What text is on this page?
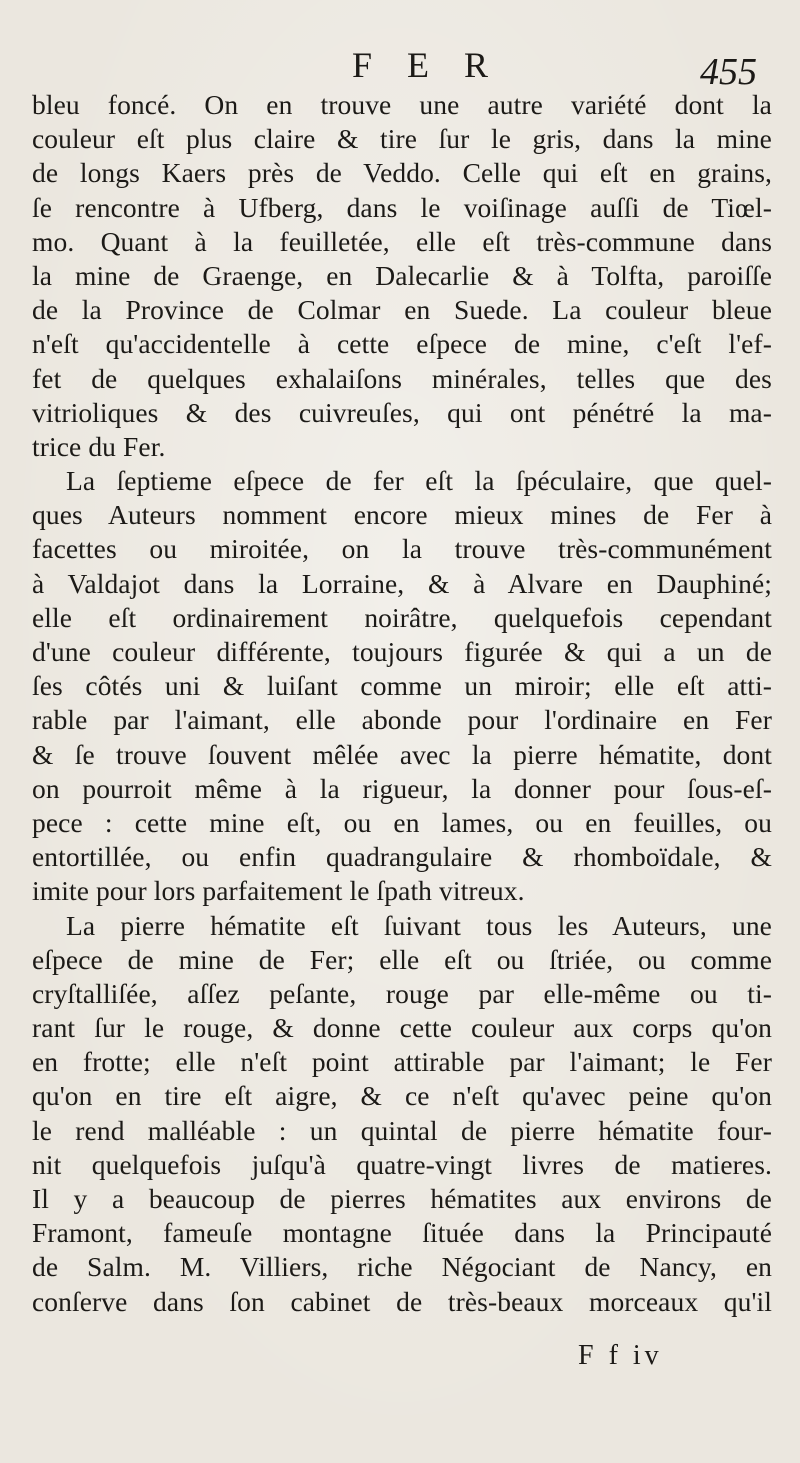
F E R	455
bleu foncé. On en trouve une autre variété dont la
couleur eſt plus claire & tire ſur le gris, dans la mine
de longs Kaers près de Veddo. Celle qui eſt en grains,
ſe rencontre à Ufberg, dans le voiſinage auſſi de Tiœl-
mo. Quant à la feuilletée, elle eſt très-commune dans
la mine de Graenge, en Dalecarlie & à Tolfta, paroiſſe
de la Province de Colmar en Suede. La couleur bleue
n'eſt qu'accidentelle à cette eſpece de mine, c'eſt l'ef-
fet de quelques exhalaiſons minérales, telles que des
vitrioliques & des cuivreuſes, qui ont pénétré la ma-
trice du Fer.
La ſeptieme eſpece de fer eſt la ſpéculaire, que quel-
ques Auteurs nomment encore mieux mines de Fer à
facettes ou miroitée, on la trouve très-communément
à Valdajot dans la Lorraine, & à Alvare en Dauphiné;
elle eſt ordinairement noirâtre, quelquefois cependant
d'une couleur différente, toujours figurée & qui a un de
ſes côtés uni & luiſant comme un miroir; elle eſt atti-
rable par l'aimant, elle abonde pour l'ordinaire en Fer
& ſe trouve ſouvent mêlée avec la pierre hématite, dont
on pourroit même à la rigueur, la donner pour ſous-eſ-
pece : cette mine eſt, ou en lames, ou en feuilles, ou
entortillée, ou enfin quadrangulaire & rhomboïdale, &
imite pour lors parfaitement le ſpath vitreux.
La pierre hématite eſt ſuivant tous les Auteurs, une
eſpece de mine de Fer; elle eſt ou ſtriée, ou comme
cryſtalliſée, aſſez peſante, rouge par elle-même ou ti-
rant ſur le rouge, & donne cette couleur aux corps qu'on
en frotte; elle n'eſt point attirable par l'aimant; le Fer
qu'on en tire eſt aigre, & ce n'eſt qu'avec peine qu'on
le rend malléable : un quintal de pierre hématite four-
nit quelquefois juſqu'à quatre-vingt livres de matieres.
Il y a beaucoup de pierres hématites aux environs de
Framont, fameuſe montagne ſituée dans la Principauté
de Salm. M. Villiers, riche Négociant de Nancy, en
conſerve dans ſon cabinet de très-beaux morceaux qu'il
F f iv
